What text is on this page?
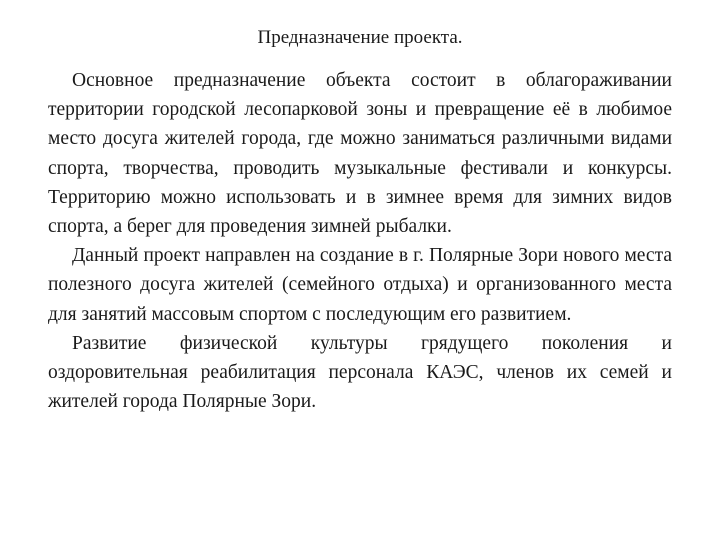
Предназначение проекта.

Основное предназначение объекта состоит в облагораживании территории городской лесопарковой зоны и превращение её в любимое место досуга жителей города, где можно заниматься различными видами спорта, творчества, проводить музыкальные фестивали и конкурсы. Территорию можно использовать и в зимнее время для зимних видов спорта, а берег для проведения зимней рыбалки.

Данный проект направлен на создание в г. Полярные Зори нового места полезного досуга жителей (семейного отдыха) и организованного места для занятий массовым спортом с последующим его развитием.

Развитие физической культуры грядущего поколения и оздоровительная реабилитация персонала КАЭС, членов их семей и жителей города Полярные Зори.
